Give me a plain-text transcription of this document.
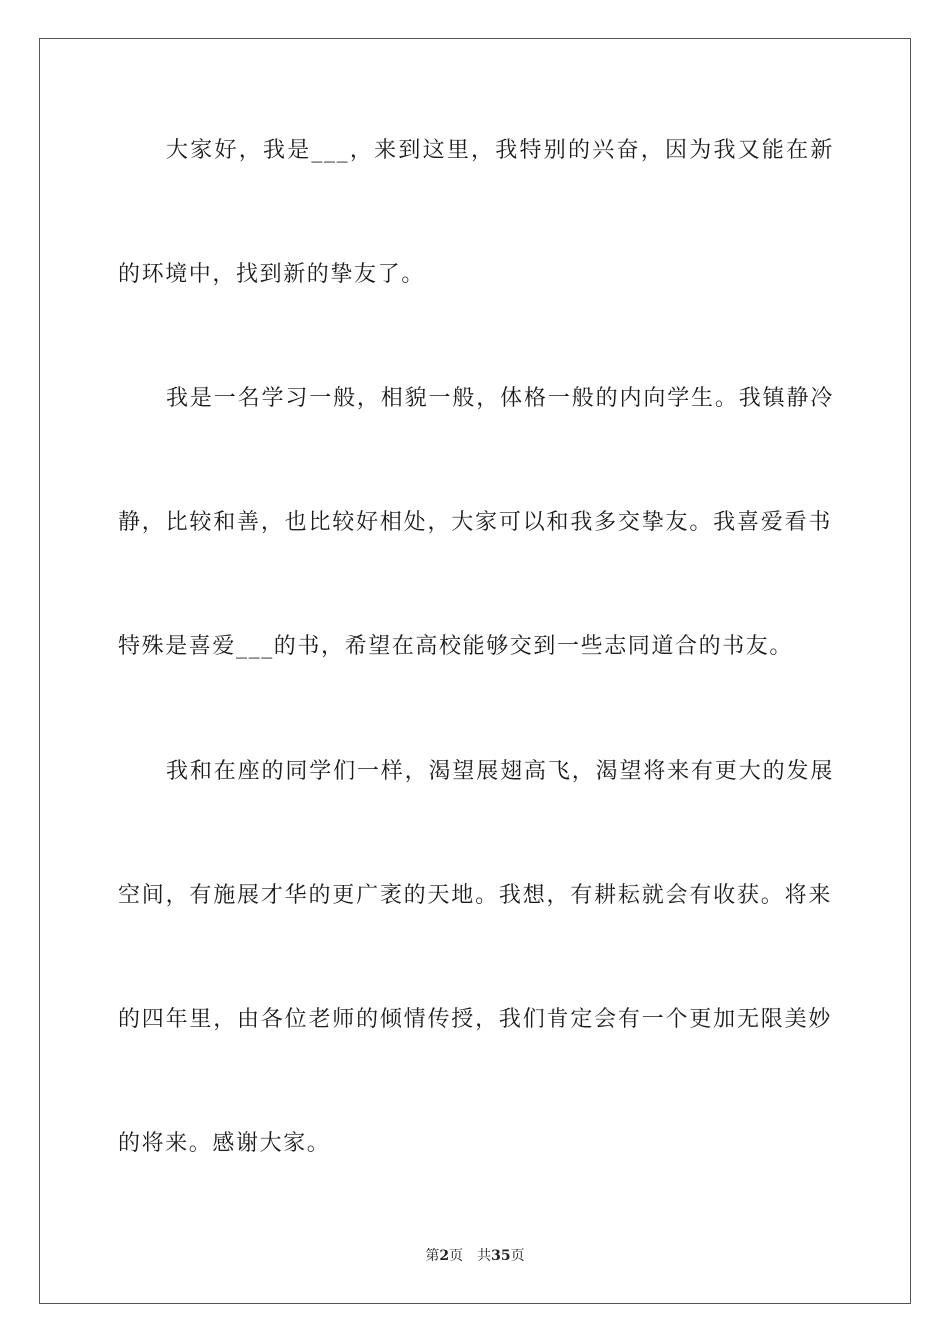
大家好，我是___，来到这里，我特别的兴奋，因为我又能在新
的环境中，找到新的挚友了。
我是一名学习一般，相貌一般，体格一般的内向学生。我镇静冷
静，比较和善，也比较好相处，大家可以和我多交挚友。我喜爱看书
特殊是喜爱___的书，希望在高校能够交到一些志同道合的书友。
我和在座的同学们一样，渴望展翅高飞，渴望将来有更大的发展
空间，有施展才华的更广袤的天地。我想，有耕耘就会有收获。将来
的四年里，由各位老师的倾情传授，我们肯定会有一个更加无限美妙
的将来。感谢大家。
第2页 共35页
